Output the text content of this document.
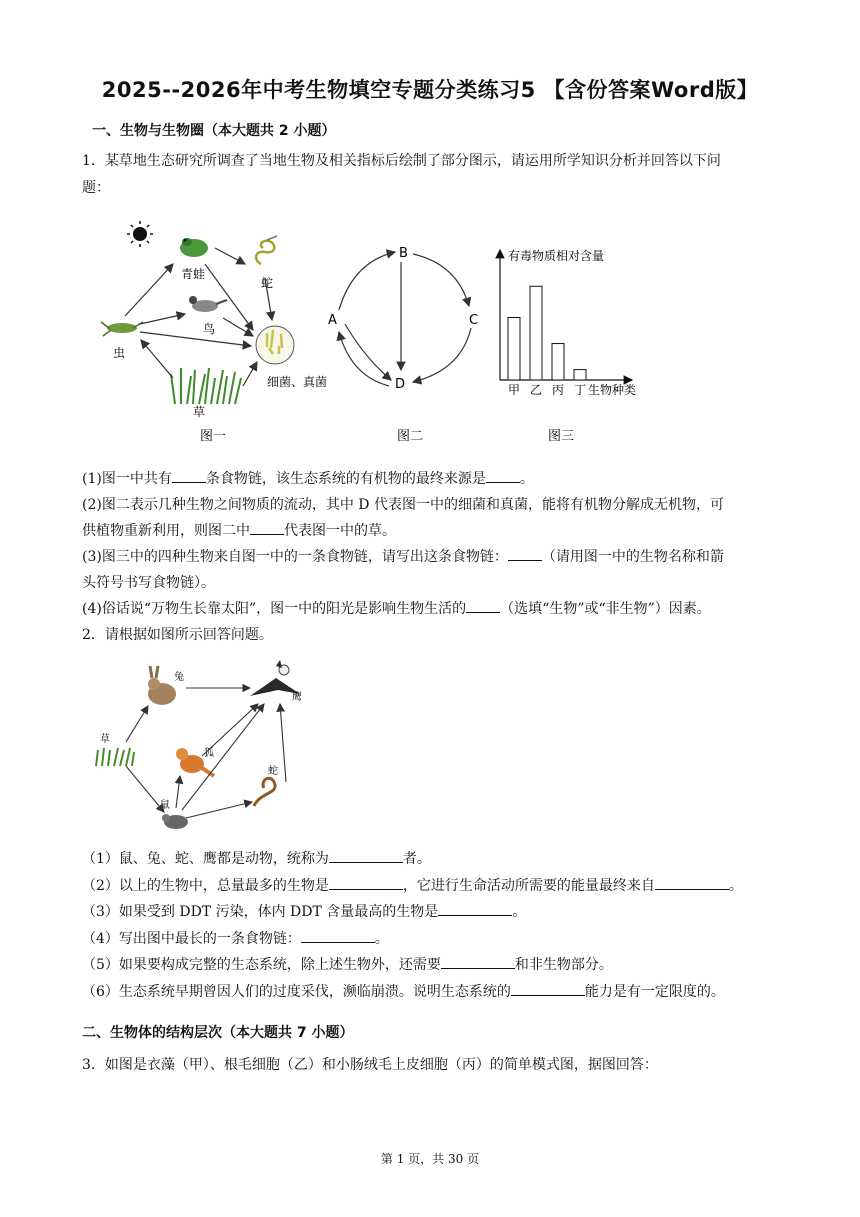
2025--2026年中考生物填空专题分类练习5 【含份答案Word版】
一、生物与生物圈（本大题共 2 小题）
1．某草地生态研究所调查了当地生物及相关指标后绘制了部分图示，请运用所学知识分析并回答以下问
题：
青蛙
蛇
鸟
虫
细菌、真菌
草
图一
B
A	C
D
图二
有毒物质相对含量
甲 乙 丙 丁 生物种类
图三
(1)图一中共有 条食物链，该生态系统的有机物的最终来源是 。
(2)图二表示几种生物之间物质的流动，其中 D 代表图一中的细菌和真菌，能将有机物分解成无机物，可
供植物重新利用，则图二中 代表图一中的草。
(3)图三中的四种生物来自图一中的一条食物链，请写出这条食物链： （请用图一中的生物名称和箭
头符号书写食物链）。
(4)俗话说“万物生长靠太阳”，图一中的阳光是影响生物生活的 （选填“生物”或“非生物”）因素。
2．请根据如图所示回答问题。
兔
鹰
草
狐
蛇
鼠
（1）鼠、兔、蛇、鹰都是动物，统称为	者。
（2）以上的生物中，总量最多的生物是	，它进行生命活动所需要的能量最终来自	。
（3）如果受到 DDT 污染，体内 DDT 含量最高的生物是	。
（4）写出图中最长的一条食物链：	。
（5）如果要构成完整的生态系统，除上述生物外，还需要	和非生物部分。
（6）生态系统早期曾因人们的过度采伐，濒临崩溃。说明生态系统的	能力是有一定限度的。
二、生物体的结构层次（本大题共 7 小题）
3．如图是衣藻（甲）、根毛细胞（乙）和小肠绒毛上皮细胞（丙）的简单模式图，据图回答：
第 1 页，共 30 页
